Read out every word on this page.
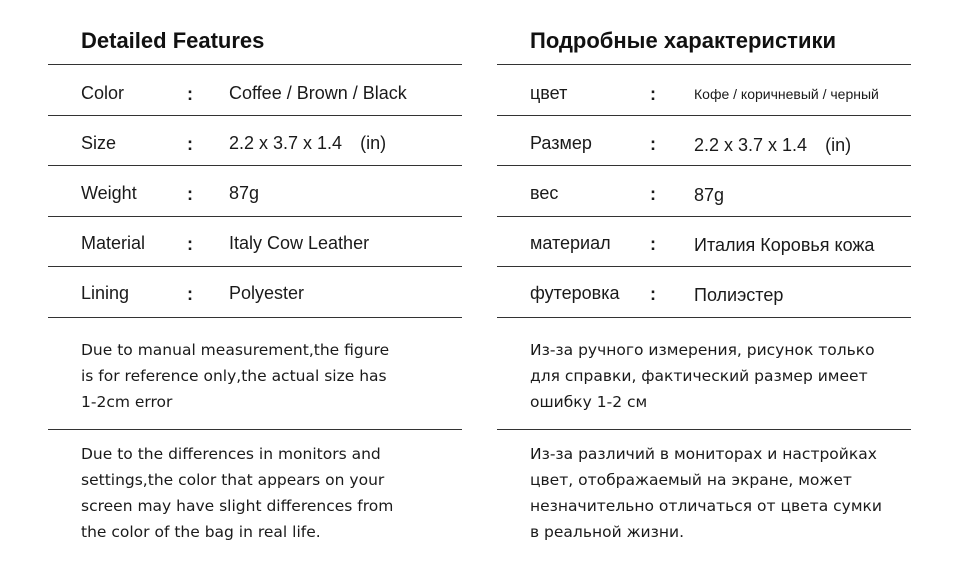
Detailed Features
Color	: Coffee / Brown / Black
Size	: 2.2 x 3.7 x 1.4　(in)
Weight	: 87g
Material : Italy Cow Leather
Lining	: Polyester
Due to manual measurement,the figure
is for reference only,the actual size has
1-2cm error
Due to the differences in monitors and
settings,the color that appears on your
screen may have slight differences from
the color of the bag in real life.
Подробные характеристики
цвет	:	Кофе / коричневый / черный
Размер	: 2.2 x 3.7 x 1.4　(in)
вес	: 87g
материал : Италия Коровья кожа
футеровка : Полиэстер
Из-за ручного измерения, рисунок только
для справки, фактический размер имеет
ошибку 1-2 см
Из-за различий в мониторах и настройках
цвет, отображаемый на экране, может
незначительно отличаться от цвета сумки
в реальной жизни.
